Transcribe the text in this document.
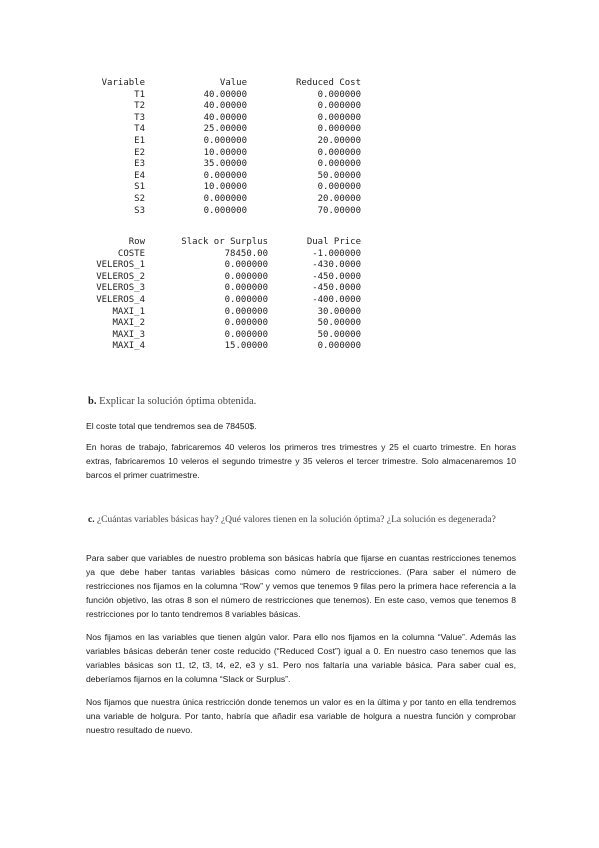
Variable	Value	Reduced Cost
T1	40.00000	0.000000
T2	40.00000	0.000000
T3	40.00000	0.000000
T4	25.00000	0.000000
E1	0.000000	20.00000
E2	10.00000	0.000000
E3	35.00000	0.000000
E4	0.000000	50.00000
S1	10.00000	0.000000
S2	0.000000	20.00000
S3	0.000000	70.00000
Row	Slack or Surplus	Dual Price
COSTE	78450.00	-1.000000
VELEROS_1	0.000000	-430.0000
VELEROS_2	0.000000	-450.0000
VELEROS_3	0.000000	-450.0000
VELEROS_4	0.000000	-400.0000
MAXI_1	0.000000	30.00000
MAXI_2	0.000000	50.00000
MAXI_3	0.000000	50.00000
MAXI_4	15.00000	0.000000
b. Explicar la solución óptima obtenida.

El coste total que tendremos sea de 78450$.

En horas de trabajo, fabricaremos 40 veleros los primeros tres trimestres y 25 el cuarto trimestre. En horas extras, fabricaremos 10 veleros el segundo trimestre y 35 veleros el tercer trimestre. Solo almacenaremos 10 barcos el primer cuatrimestre.

c. ¿Cuántas variables básicas hay? ¿Qué valores tienen en la solución óptima? ¿La solución es degenerada?

Para saber que variables de nuestro problema son básicas habría que fijarse en cuantas restricciones tenemos ya que debe haber tantas variables básicas como número de restricciones. (Para saber el número de restricciones nos fijamos en la columna “Row” y vemos que tenemos 9 filas pero la primera hace referencia a la función objetivo, las otras 8 son el número de restricciones que tenemos). En este caso, vemos que tenemos 8 restricciones por lo tanto tendremos 8 variables básicas.

Nos fijamos en las variables que tienen algún valor. Para ello nos fijamos en la columna “Value”. Además las variables básicas deberán tener coste reducido (“Reduced Cost”) igual a 0. En nuestro caso tenemos que las variables básicas son t1, t2, t3, t4, e2, e3 y s1. Pero nos faltaría una variable básica. Para saber cual es, deberíamos fijarnos en la columna “Slack or Surplus”.

Nos fijamos que nuestra única restricción donde tenemos un valor es en la última y por tanto en ella tendremos una variable de holgura. Por tanto, habría que añadir esa variable de holgura a nuestra función y comprobar nuestro resultado de nuevo.
